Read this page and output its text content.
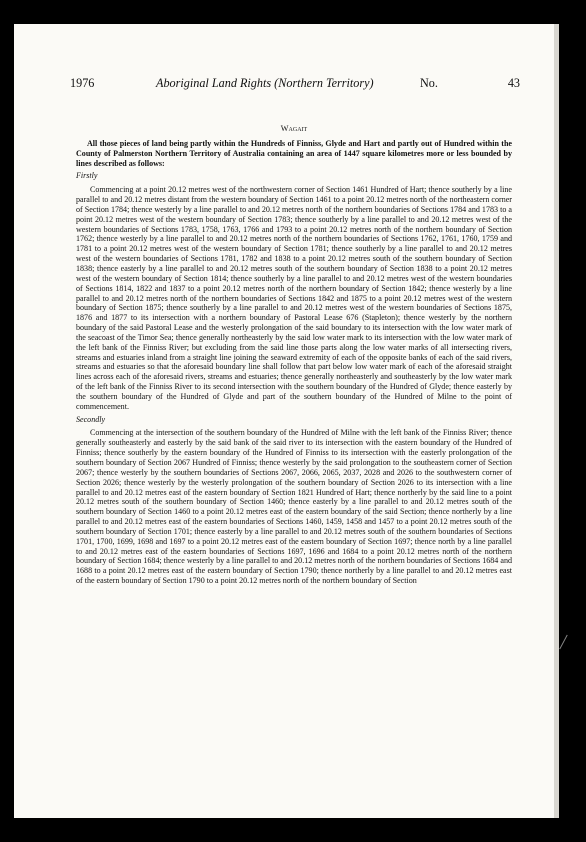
1976	Aboriginal Land Rights (Northern Territory)	No.	43
Wagait

All those pieces of land being partly within the Hundreds of Finniss, Glyde and Hart and partly out of Hundred within the County of Palmerston Northern Territory of Australia containing an area of 1447 square kilometres more or less bounded by lines described as follows:

Firstly

Commencing at a point 20.12 metres west of the northwestern corner of Section 1461 Hundred of Hart; thence southerly by a line parallel to and 20.12 metres distant from the western boundary of Section 1461 to a point 20.12 metres north of the northeastern corner of Section 1784; thence westerly by a line parallel to and 20.12 metres north of the northern boundaries of Sections 1784 and 1783 to a point 20.12 metres west of the western boundary of Section 1783; thence southerly by a line parallel to and 20.12 metres west of the western boundaries of Sections 1783, 1758, 1763, 1766 and 1793 to a point 20.12 metres north of the northern boundary of Section 1762; thence westerly by a line parallel to and 20.12 metres north of the northern boundaries of Sections 1762, 1761, 1760, 1759 and 1781 to a point 20.12 metres west of the western boundary of Section 1781; thence southerly by a line parallel to and 20.12 metres west of the western boundaries of Sections 1781, 1782 and 1838 to a point 20.12 metres south of the southern boundary of Section 1838; thence easterly by a line parallel to and 20.12 metres south of the southern boundary of Section 1838 to a point 20.12 metres west of the western boundary of Section 1814; thence southerly by a line parallel to and 20.12 metres west of the western boundaries of Sections 1814, 1822 and 1837 to a point 20.12 metres north of the northern boundary of Section 1842; thence westerly by a line parallel to and 20.12 metres north of the northern boundaries of Sections 1842 and 1875 to a point 20.12 metres west of the western boundary of Section 1875; thence southerly by a line parallel to and 20.12 metres west of the western boundaries of Sections 1875, 1876 and 1877 to its intersection with a northern boundary of Pastoral Lease 676 (Stapleton); thence westerly by the northern boundary of the said Pastoral Lease and the westerly prolongation of the said boundary to its intersection with the low water mark of the seacoast of the Timor Sea; thence generally northeasterly by the said low water mark to its intersection with the low water mark of the left bank of the Finniss River; but excluding from the said line those parts along the low water marks of all intersecting rivers, streams and estuaries inland from a straight line joining the seaward extremity of each of the opposite banks of each of the said rivers, streams and estuaries so that the aforesaid boundary line shall follow that part below low water mark of each of the aforesaid straight lines across each of the aforesaid rivers, streams and estuaries; thence generally northeasterly and southeasterly by the low water mark of the left bank of the Finniss River to its second intersection with the southern boundary of the Hundred of Glyde; thence easterly by the southern boundary of the Hundred of Glyde and part of the southern boundary of the Hundred of Milne to the point of commencement.

Secondly

Commencing at the intersection of the southern boundary of the Hundred of Milne with the left bank of the Finniss River; thence generally southeasterly and easterly by the said bank of the said river to its intersection with the eastern boundary of the Hundred of Finniss; thence southerly by the eastern boundary of the Hundred of Finniss to its intersection with the easterly prolongation of the southern boundary of Section 2067 Hundred of Finniss; thence westerly by the said prolongation to the southeastern corner of Section 2067; thence westerly by the southern boundaries of Sections 2067, 2066, 2065, 2037, 2028 and 2026 to the southwestern corner of Section 2026; thence westerly by the westerly prolongation of the southern boundary of Section 2026 to its intersection with a line parallel to and 20.12 metres east of the eastern boundary of Section 1821 Hundred of Hart; thence northerly by the said line to a point 20.12 metres south of the southern boundary of Section 1460; thence easterly by a line parallel to and 20.12 metres south of the southern boundary of Section 1460 to a point 20.12 metres east of the eastern boundary of the said Section; thence northerly by a line parallel to and 20.12 metres east of the eastern boundaries of Sections 1460, 1459, 1458 and 1457 to a point 20.12 metres south of the southern boundary of Section 1701; thence easterly by a line parallel to and 20.12 metres south of the southern boundaries of Sections 1701, 1700, 1699, 1698 and 1697 to a point 20.12 metres east of the eastern boundary of Section 1697; thence north by a line parallel to and 20.12 metres east of the eastern boundaries of Sections 1697, 1696 and 1684 to a point 20.12 metres north of the northern boundary of Section 1684; thence westerly by a line parallel to and 20.12 metres north of the northern boundaries of Sections 1684 and 1688 to a point 20.12 metres east of the eastern boundary of Section 1790; thence northerly by a line parallel to and 20.12 metres east of the eastern boundary of Section 1790 to a point 20.12 metres north of the northern boundary of Section
